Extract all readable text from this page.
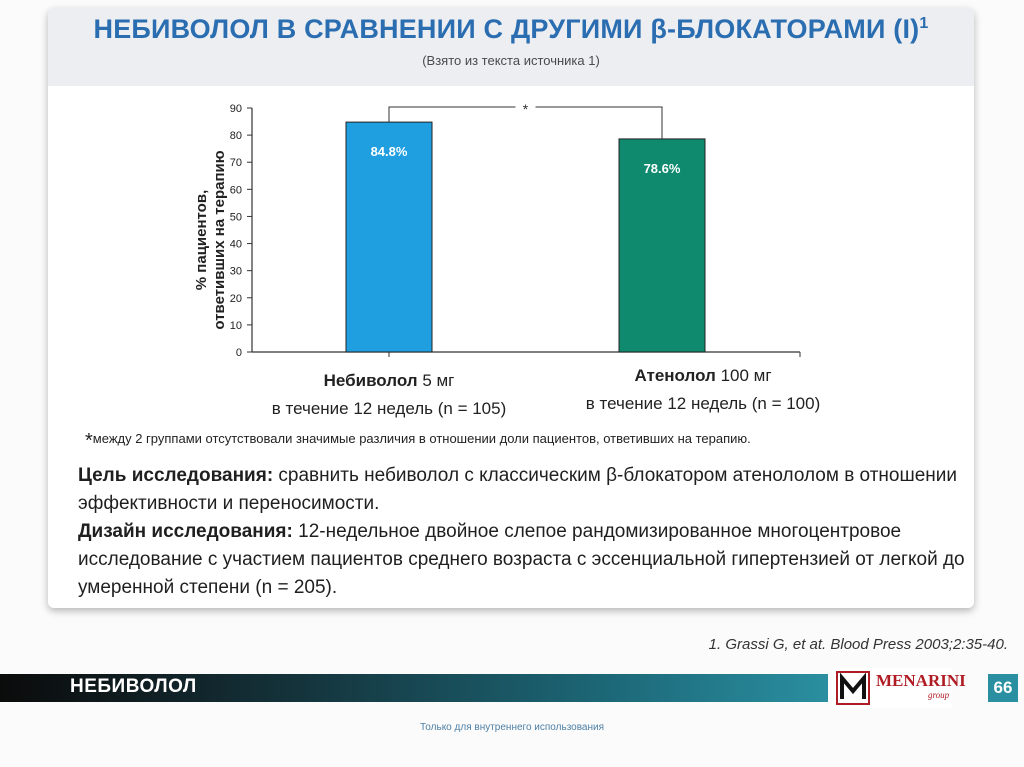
НЕБИВОЛОЛ В СРАВНЕНИИ С ДРУГИМИ β-БЛОКАТОРАМИ $(I)^1$
(Взято из текста источника 1)
0
10
20
30
40
50
60
70
80
90
84.8%
78.6%
*
% пациентов, ответивших на терапию
Небиволол 5 мг
в течение 12 недель (n = 105)
Атенолол 100 мг
в течение 12 недель (n = 100)
*между 2 группами отсутствовали значимые различия в отношении доли пациентов, ответивших на терапию.
Цель исследования: сравнить небиволол с классическим β-блокатором атенололом в отношении эффективности и переносимости.
Дизайн исследования: 12-недельное двойное слепое рандомизированное многоцентровое исследование с участием пациентов среднего возраста с эссенциальной гипертензией от легкой до умеренной степени (n = 205).
1. Grassi G, et at. Blood Press 2003;2:35-40.
НЕБИВОЛОЛ	MENARINI
group	66
Только для внутреннего использования
